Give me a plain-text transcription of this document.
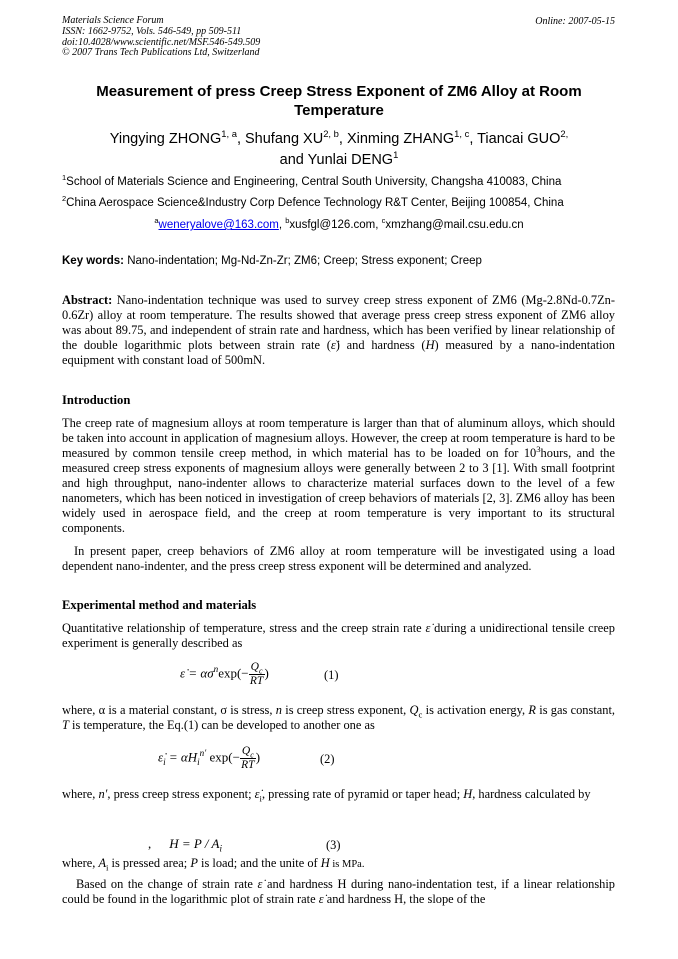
Materials Science Forum
ISSN: 1662-9752, Vols. 546-549, pp 509-511
doi:10.4028/www.scientific.net/MSF.546-549.509
© 2007 Trans Tech Publications Ltd, Switzerland
Online: 2007-05-15
Measurement of press Creep Stress Exponent of ZM6 Alloy at Room Temperature
Yingying ZHONG$^{1, a}$, Shufang XU$^{2, b}$, Xinming ZHANG$^{1, c}$, Tiancai $GUO^{2,}$
and Yunlai DENG$^1$
$^1$School of Materials Science and Engineering, Central South University, Changsha 410083, China
$^2$China Aerospace Science&Industry Corp Defence Technology R&T Center, Beijing 100854, China
$^a$weneryalove@163.com, $^b$xusfgl@126.com, $^c$xmzhang@mail.csu.edu.cn
Key words: Nano-indentation; Mg-Nd-Zn-Zr; ZM6; Creep; Stress exponent; Creep
Abstract: Nano-indentation technique was used to survey creep stress exponent of ZM6 (Mg-2.8Nd-0.7Zn-0.6Zr) alloy at room temperature. The results showed that average press creep stress exponent of ZM6 alloy was about 89.75, and independent of strain rate and hardness, which has been verified by linear relationship of the double logarithmic plots between strain rate (ε̇) and hardness (H) measured by a nano-indentation equipment with constant load of 500mN.
Introduction
The creep rate of magnesium alloys at room temperature is larger than that of aluminum alloys, which should be taken into account in application of magnesium alloys. However, the creep at room temperature is hard to be measured by common tensile creep method, in which material has to be loaded on for $10^3hours$, and the measured creep stress exponents of magnesium alloys were generally between 2 to 3 [1]. With small footprint and high throughput, nano-indenter allows to characterize material surfaces down to the level of a few nanometers, which has been noticed in investigation of creep behaviors of materials [2, 3]. ZM6 alloy has been widely used in aerospace field, and the creep at room temperature is very important to its structural components.
In present paper, creep behaviors of ZM6 alloy at room temperature will be investigated using a load dependent nano-indenter, and the press creep stress exponent will be determined and analyzed.
Experimental method and materials
Quantitative relationship of temperature, stress and the creep strain rate ε̇ during a unidirectional tensile creep experiment is generally described as
ε̇ = $\alpha\sigma^n\exp(- \frac{Q_c}{RT}$ )	(1)
where, α is a material constant, σ is stress, n is creep stress exponent, $Q_c$ is activation energy, R is gas constant, T is temperature, the Eq.(1) can be developed to another one as
$\varepsiloṅ_i = \alpha H_i^{n'}$ $\exp(- \frac{Q_c}{RT}$ )	(2)
where, n′, press creep stress exponent; $\varepsiloṅ_i$, pressing rate of pyramid or taper head; H, hardness calculated by
, $H = P / A_i$	(3)
where, $A_i$ is pressed area; P is load; and the unite of H is MPa.
Based on the change of strain rate ε̇ and hardness H during nano-indentation test, if a linear relationship could be found in the logarithmic plot of strain rate ε̇ and hardness H, the slope of the
